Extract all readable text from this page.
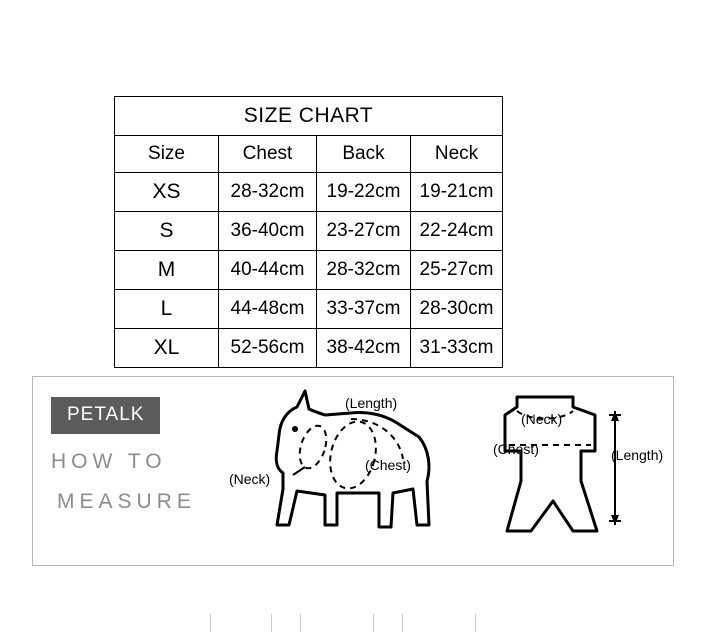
SIZE CHART			
Size	Chest	Back	Neck
XS	28-32cm	19-22cm	19-21cm
S	36-40cm	23-27cm	22-24cm
M	40-44cm	28-32cm	25-27cm
L	44-48cm	33-37cm	28-30cm
XL	52-56cm	38-42cm	31-33cm
PETALK
HOW TO
MEASURE
(Length)
(Neck)
(Chest)
(Neck)
(Chest)	(Length)
